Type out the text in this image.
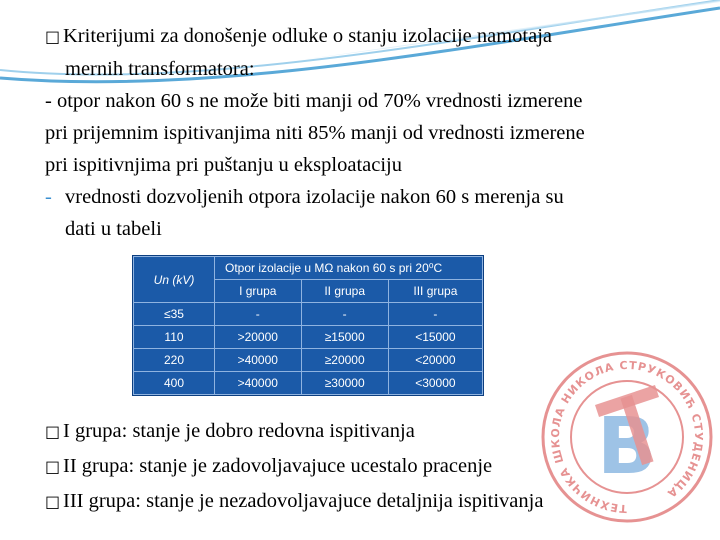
□ Kriterijumi za donošenje odluke o stanju izolacije namotaja
mernih transformatora:
- otpor nakon 60 s ne može biti manji od 70% vrednosti izmerene
pri prijemnim ispitivanjima niti 85% manji od vrednosti izmerene
pri ispitivnjima pri puštanju u eksploataciju
- vrednosti dozvoljenih otpora izolacije nakon 60 s merenja su
dati u tabeli
Un (kV)	Otpor izolacije u MΩ nakon 60 s pri 20⁰C		
	I grupa	II grupa	III grupa
≤35	-	-	-
110	>20000	≥15000	<15000
220	>40000	≥20000	<20000
400	>40000	≥30000	<30000
ТЕХНИЧКА ШКОЛА НИКОЛА СТРУКОВИЋ СТУДЕНИЦА
B
□ I grupa: stanje je dobro redovna ispitivanja
□ II grupa: stanje je zadovoljavajuce ucestalo pracenje
□ III grupa: stanje je nezadovoljavajuce detaljnija ispitivanja
